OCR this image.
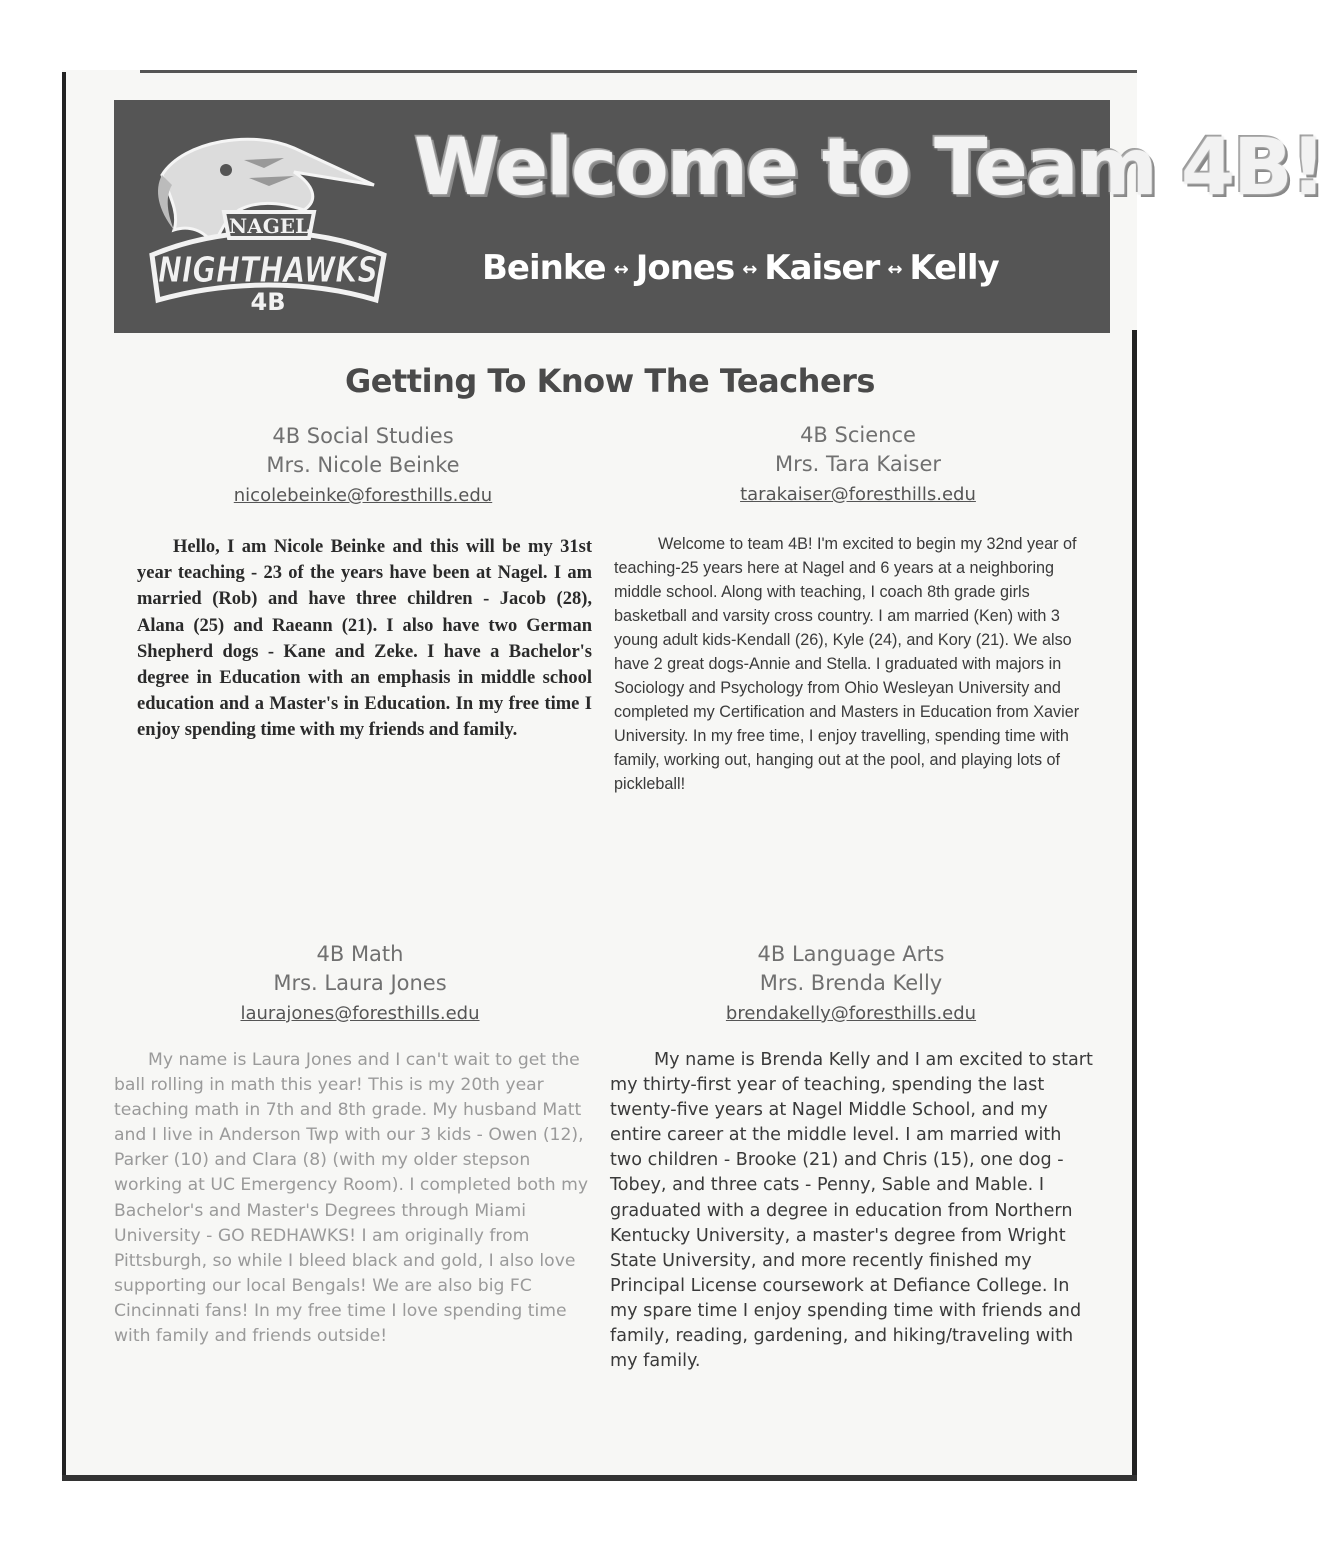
NAGEL
NIGHTHAWKS
4B
Welcome to Team 4B!
Beinke ↔ Jones ↔ Kaiser ↔ Kelly
Getting To Know The Teachers
4B Social Studies
Mrs. Nicole Beinke
nicolebeinke@foresthills.edu
Hello, I am Nicole Beinke and this will be my 31st year teaching - 23 of the years have been at Nagel. I am married (Rob) and have three children - Jacob (28), Alana (25) and Raeann (21). I also have two German Shepherd dogs - Kane and Zeke. I have a Bachelor's degree in Education with an emphasis in middle school education and a Master's in Education. In my free time I enjoy spending time with my friends and family.
4B Science
Mrs. Tara Kaiser
tarakaiser@foresthills.edu
Welcome to team 4B! I'm excited to begin my 32nd year of teaching-25 years here at Nagel and 6 years at a neighboring middle school. Along with teaching, I coach 8th grade girls basketball and varsity cross country. I am married (Ken) with 3 young adult kids-Kendall (26), Kyle (24), and Kory (21). We also have 2 great dogs-Annie and Stella. I graduated with majors in Sociology and Psychology from Ohio Wesleyan University and completed my Certification and Masters in Education from Xavier University. In my free time, I enjoy travelling, spending time with family, working out, hanging out at the pool, and playing lots of pickleball!
4B Math
Mrs. Laura Jones
laurajones@foresthills.edu
My name is Laura Jones and I can't wait to get the ball rolling in math this year! This is my 20th year teaching math in 7th and 8th grade. My husband Matt and I live in Anderson Twp with our 3 kids - Owen (12), Parker (10) and Clara (8) (with my older stepson working at UC Emergency Room). I completed both my Bachelor's and Master's Degrees through Miami University - GO REDHAWKS! I am originally from Pittsburgh, so while I bleed black and gold, I also love supporting our local Bengals! We are also big FC Cincinnati fans! In my free time I love spending time with family and friends outside!
4B Language Arts
Mrs. Brenda Kelly
brendakelly@foresthills.edu
My name is Brenda Kelly and I am excited to start my thirty-first year of teaching, spending the last twenty-five years at Nagel Middle School, and my entire career at the middle level. I am married with two children - Brooke (21) and Chris (15), one dog - Tobey, and three cats - Penny, Sable and Mable. I graduated with a degree in education from Northern Kentucky University, a master's degree from Wright State University, and more recently finished my Principal License coursework at Defiance College. In my spare time I enjoy spending time with friends and family, reading, gardening, and hiking/traveling with my family.
